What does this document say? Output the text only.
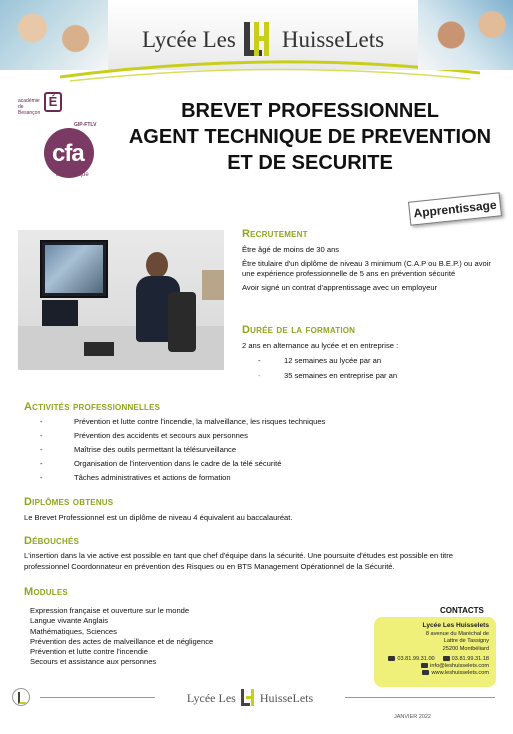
Lycée Les HuisseLets
académie de Besançon
É
GIP-FTLV
cfa
académique
BREVET PROFESSIONNEL
AGENT TECHNIQUE DE PREVENTION
ET DE SECURITE
Apprentissage
Recrutement

Être âgé de moins de 30 ans

Être titulaire d'un diplôme de niveau 3 minimum (C.A.P ou B.E.P.) ou avoir une expérience professionnelle de 5 ans en prévention sécurité

Avoir signé un contrat d'apprentissage avec un employeur

Durée de la formation
2 ans en alternance au lycée et en entreprise :
-	12 semaines au lycée par an
-	35 semaines en entreprise par an
Activités professionnelles
-	Prévention et lutte contre l'incendie, la malveillance, les risques techniques
-	Prévention des accidents et secours aux personnes
-	Maîtrise des outils permettant la télésurveillance
-	Organisation de l'intervention dans le cadre de la télé sécurité
-	Tâches administratives et actions de formation
Diplômes obtenus
Le Brevet Professionnel est un diplôme de niveau 4 équivalent au baccalauréat.
Débouchés
L'insertion dans la vie active est possible en tant que chef d'équipe dans la sécurité. Une poursuite d'études est possible en titre professionnel Coordonnateur en prévention des Risques ou en BTS Management Opérationnel de la Sécurité.
Modules
Expression française et ouverture sur le monde
Langue vivante Anglais
Mathématiques, Sciences
Prévention des actes de malveillance et de négligence
Prévention et lutte contre l'incendie
Secours et assistance aux personnes
CONTACTS
Lycée Les Huisselets
8 avenue du Maréchal de
Lattre de Tassigny
25200 Montbéliard
03.81.99.31.00	03.81.99.31.18
info@leshuisselets.com
www.leshuisselets.com
Lycée Les HuisseLets
JANVIER 2022
